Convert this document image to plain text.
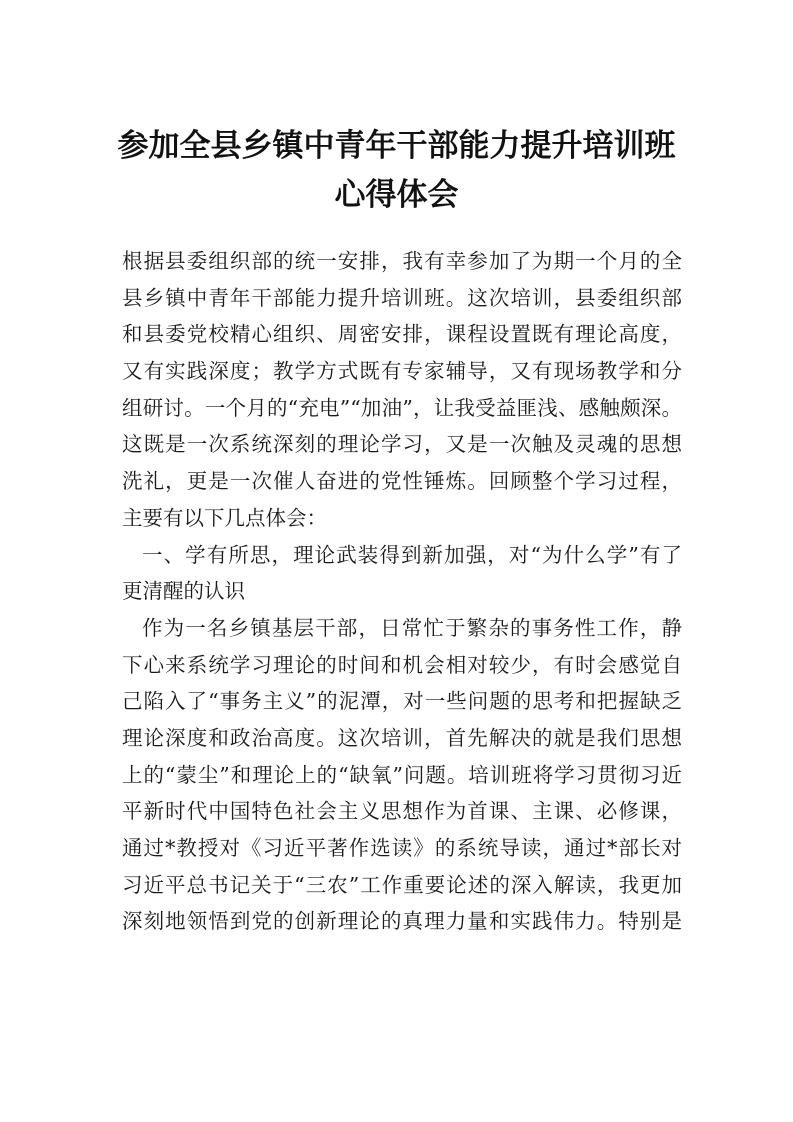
参加全县乡镇中青年干部能力提升培训班
心得体会
根据县委组织部的统一安排，我有幸参加了为期一个月的全
县乡镇中青年干部能力提升培训班。这次培训，县委组织部
和县委党校精心组织、周密安排，课程设置既有理论高度，
又有实践深度；教学方式既有专家辅导，又有现场教学和分
组研讨。一个月的“充电”“加油”，让我受益匪浅、感触颇深。
这既是一次系统深刻的理论学习，又是一次触及灵魂的思想
洗礼，更是一次催人奋进的党性锤炼。回顾整个学习过程，
主要有以下几点体会：
一、学有所思，理论武装得到新加强，对“为什么学”有了
更清醒的认识
作为一名乡镇基层干部，日常忙于繁杂的事务性工作，静
下心来系统学习理论的时间和机会相对较少，有时会感觉自
己陷入了“事务主义”的泥潭，对一些问题的思考和把握缺乏
理论深度和政治高度。这次培训，首先解决的就是我们思想
上的“蒙尘”和理论上的“缺氧”问题。培训班将学习贯彻习近
平新时代中国特色社会主义思想作为首课、主课、必修课，
通过*教授对《习近平著作选读》的系统导读，通过*部长对
习近平总书记关于“三农”工作重要论述的深入解读，我更加
深刻地领悟到党的创新理论的真理力量和实践伟力。特别是
